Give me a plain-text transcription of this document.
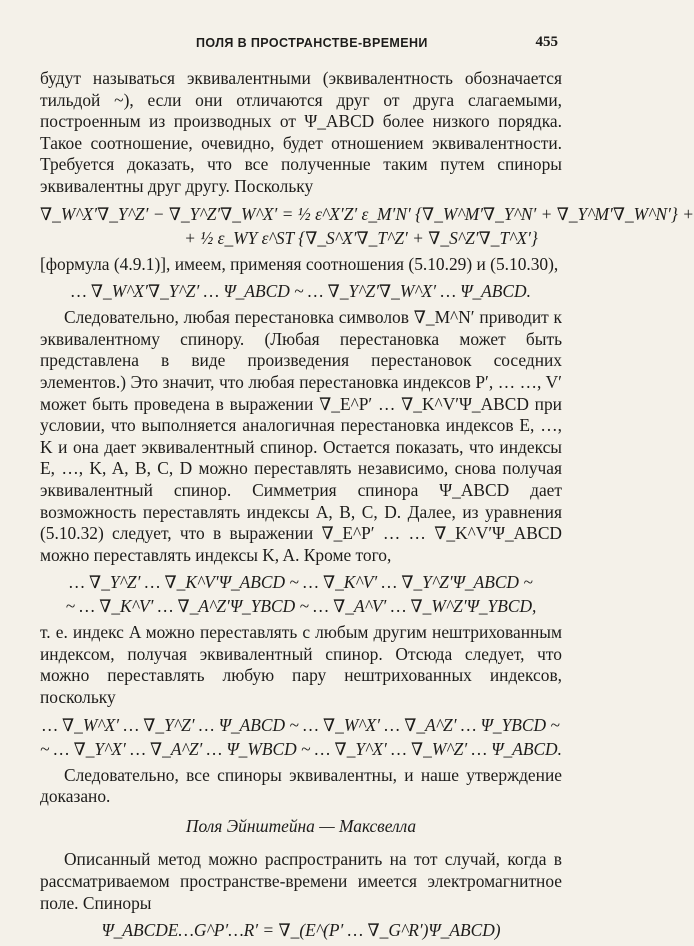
ПОЛЯ В ПРОСТРАНСТВЕ-ВРЕМЕНИ	455

будут называться эквивалентными (эквивалентность обозначается тильдой ~), если они отличаются друг от друга слагаемыми, построенным из производных от Ψ_ABCD более низкого порядка. Такое соотношение, очевидно, будет отношением эквивалентности. Требуется доказать, что все полученные таким путем спиноры эквивалентны друг другу. Поскольку

∇_W^X′∇_Y^Z′ − ∇_Y^Z′∇_W^X′ = ½ ε^X′Z′ ε_M′N′ {∇_W^M′∇_Y^N′ + ∇_Y^M′∇_W^N′} +
+ ½ ε_WY ε^ST {∇_S^X′∇_T^Z′ + ∇_S^Z′∇_T^X′}

[формула (4.9.1)], имеем, применяя соотношения (5.10.29) и (5.10.30),

… ∇_W^X′∇_Y^Z′ … Ψ_ABCD ~ … ∇_Y^Z′∇_W^X′ … Ψ_ABCD.

Следовательно, любая перестановка символов ∇_M^N′ приводит к эквивалентному спинору. (Любая перестановка может быть представлена в виде произведения перестановок соседних элементов.) Это значит, что любая перестановка индексов P′, … …, V′ может быть проведена в выражении ∇_E^P′ … ∇_K^V′Ψ_ABCD при условии, что выполняется аналогичная перестановка индексов E, …, K и она дает эквивалентный спинор. Остается показать, что индексы E, …, K, A, B, C, D можно переставлять независимо, снова получая эквивалентный спинор. Симметрия спинора Ψ_ABCD дает возможность переставлять индексы A, B, C, D. Далее, из уравнения (5.10.32) следует, что в выражении ∇_E^P′ … … ∇_K^V′Ψ_ABCD можно переставлять индексы K, A. Кроме того,

… ∇_Y^Z′ … ∇_K^V′Ψ_ABCD ~ … ∇_K^V′ … ∇_Y^Z′Ψ_ABCD ~
~ … ∇_K^V′ … ∇_A^Z′Ψ_YBCD ~ … ∇_A^V′ … ∇_W^Z′Ψ_YBCD,

т. е. индекс A можно переставлять с любым другим нештрихованным индексом, получая эквивалентный спинор. Отсюда следует, что можно переставлять любую пару нештрихованных индексов, поскольку

… ∇_W^X′ … ∇_Y^Z′ … Ψ_ABCD ~ … ∇_W^X′ … ∇_A^Z′ … Ψ_YBCD ~
~ … ∇_Y^X′ … ∇_A^Z′ … Ψ_WBCD ~ … ∇_Y^X′ … ∇_W^Z′ … Ψ_ABCD.

Следовательно, все спиноры эквивалентны, и наше утверждение доказано.

Поля Эйнштейна — Максвелла

Описанный метод можно распространить на тот случай, когда в рассматриваемом пространстве-времени имеется электромагнитное поле. Спиноры

Ψ_ABCDE…G^P′…R′ = ∇_(E^(P′ … ∇_G^R′)Ψ_ABCD)
